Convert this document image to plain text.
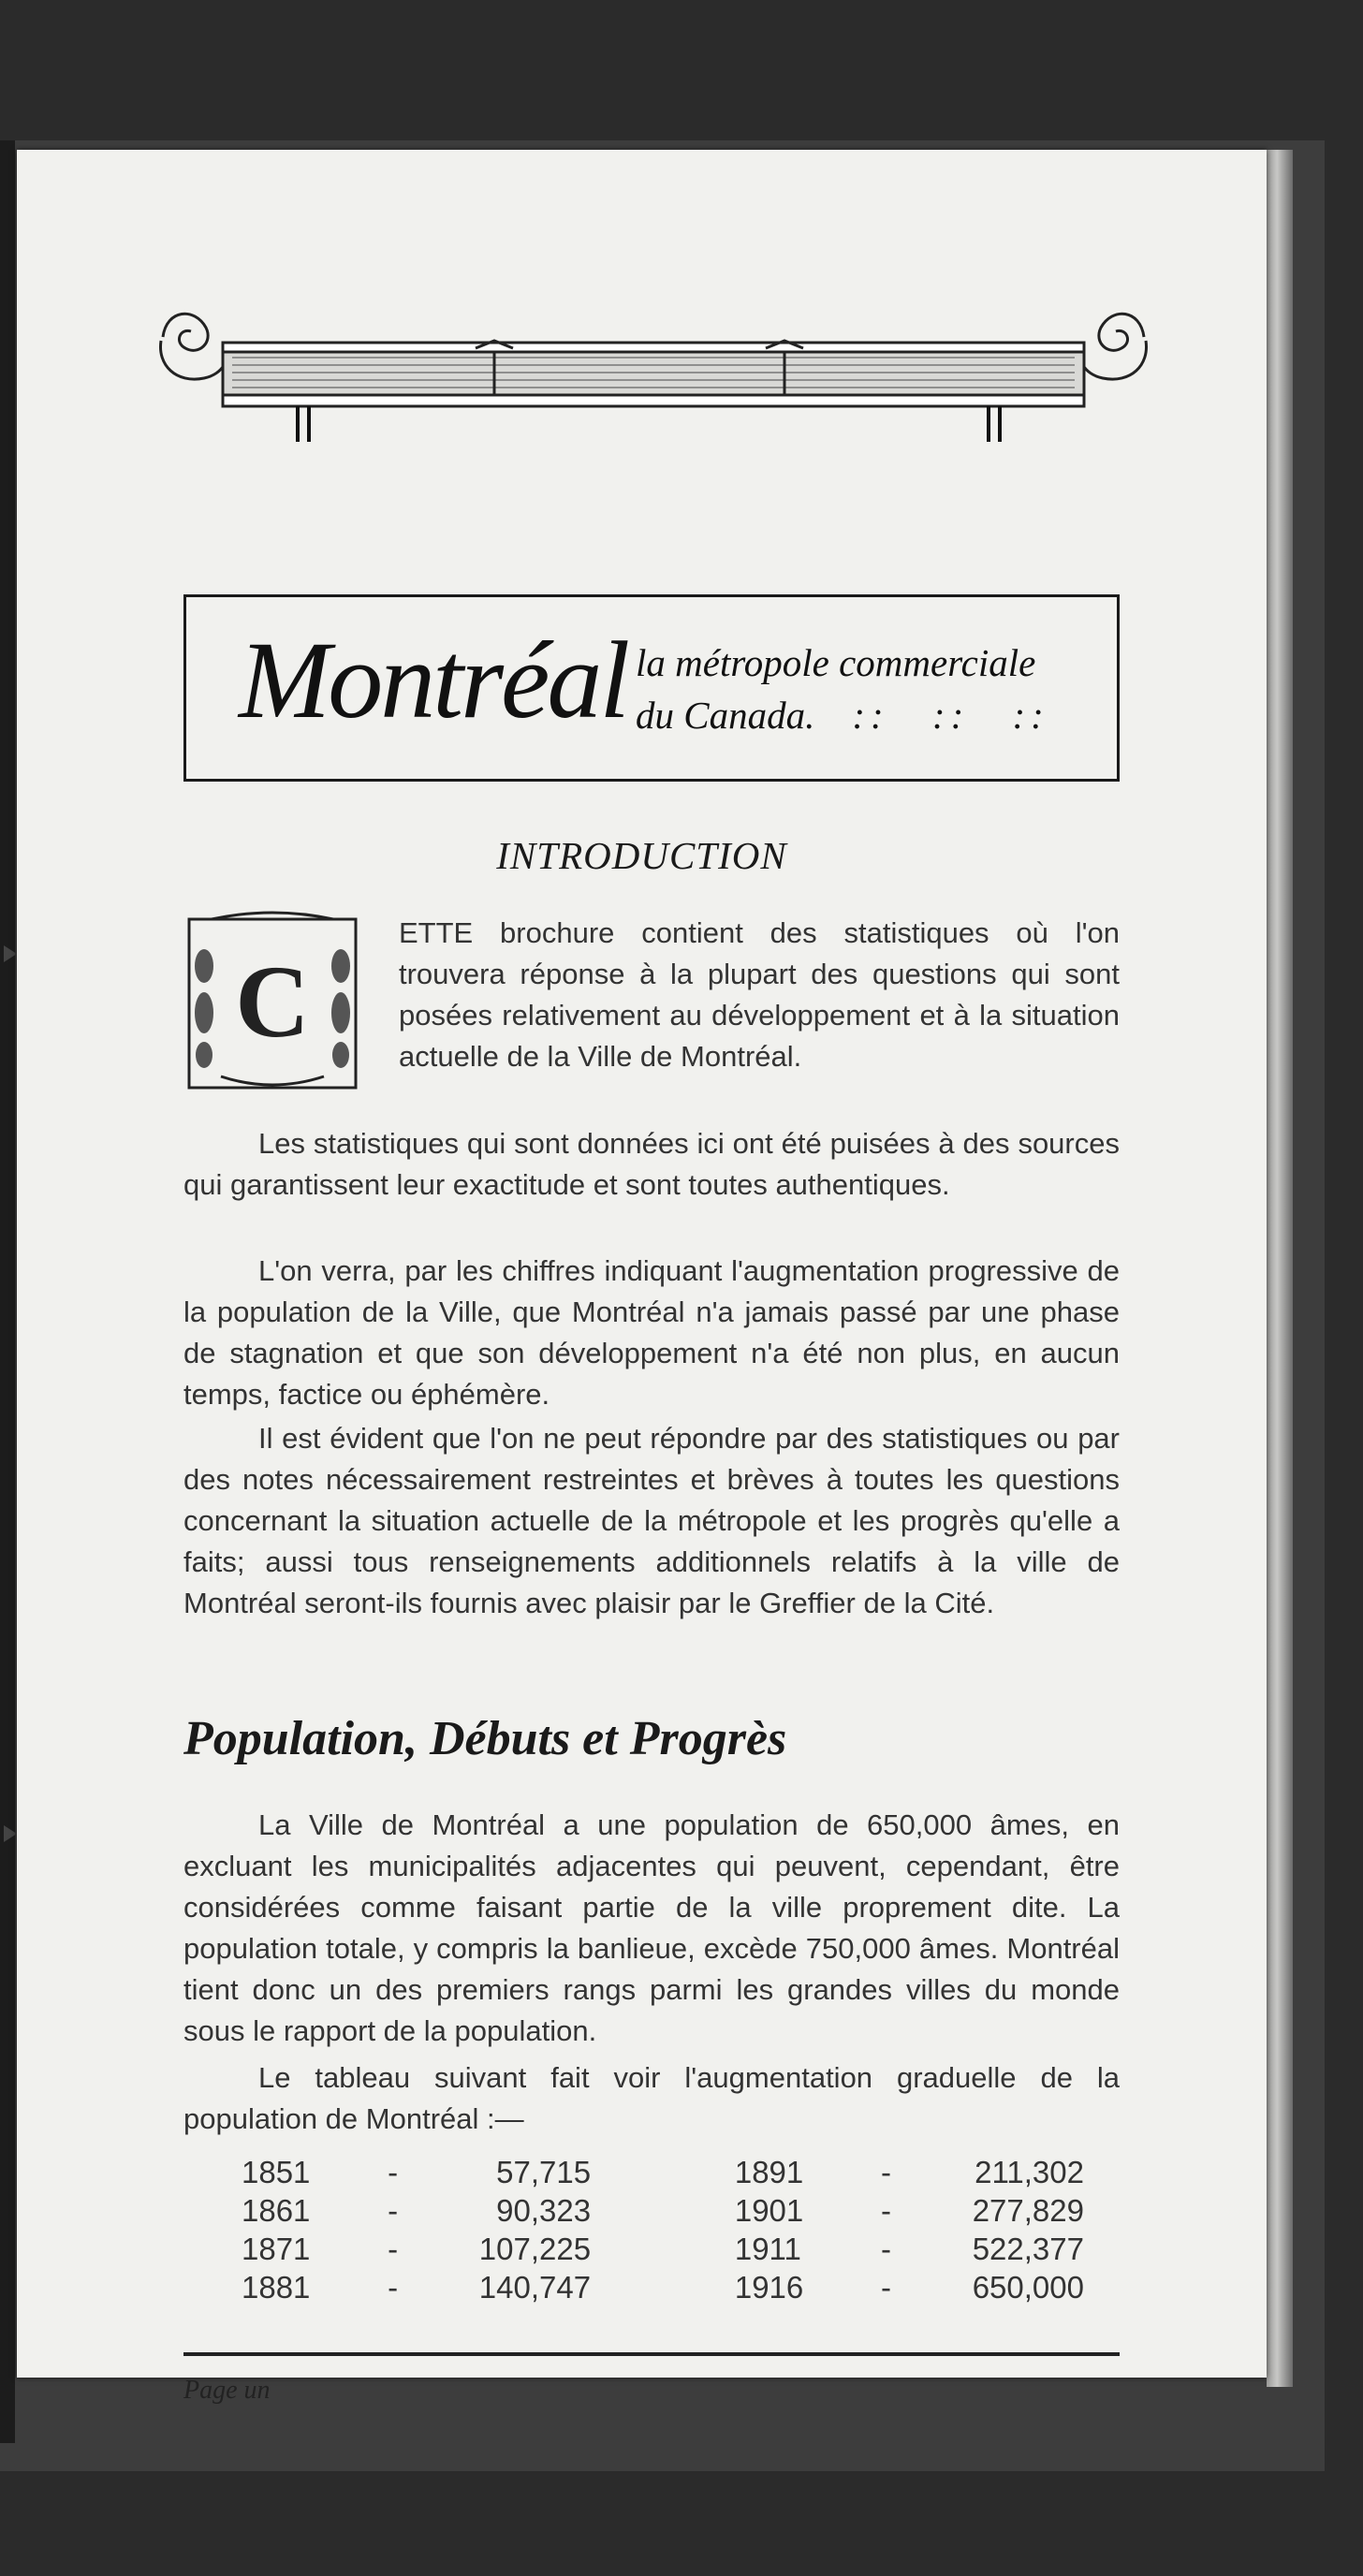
Montréal la métropole commerciale
du Canada. :: :: ::
INTRODUCTION
C

ETTE brochure contient des statistiques où l'on trouvera réponse à la plupart des questions qui sont posées relativement au développement et à la situation actuelle de la Ville de Montréal.

Les statistiques qui sont données ici ont été puisées à des sources qui garantissent leur exactitude et sont toutes authentiques.

L'on verra, par les chiffres indiquant l'augmentation progressive de la population de la Ville, que Montréal n'a jamais passé par une phase de stagnation et que son développement n'a été non plus, en aucun temps, factice ou éphémère.

Il est évident que l'on ne peut répondre par des statistiques ou par des notes nécessairement restreintes et brèves à toutes les questions concernant la situation actuelle de la métropole et les progrès qu'elle a faits; aussi tous renseignements additionnels relatifs à la ville de Montréal seront-ils fournis avec plaisir par le Greffier de la Cité.

Population, Débuts et Progrès

La Ville de Montréal a une population de 650,000 âmes, en excluant les municipalités adjacentes qui peuvent, cependant, être considérées comme faisant partie de la ville proprement dite. La population totale, y compris la banlieue, excède 750,000 âmes. Montréal tient donc un des premiers rangs parmi les grandes villes du monde sous le rapport de la population.

Le tableau suivant fait voir l'augmentation graduelle de la population de Montréal :—

1851	-	57,715		1891	-	211,302
1861	-	90,323		1901	-	277,829
1871	-	107,225		1911	-	522,377
1881	-	140,747		1916	-	650,000
Page un
